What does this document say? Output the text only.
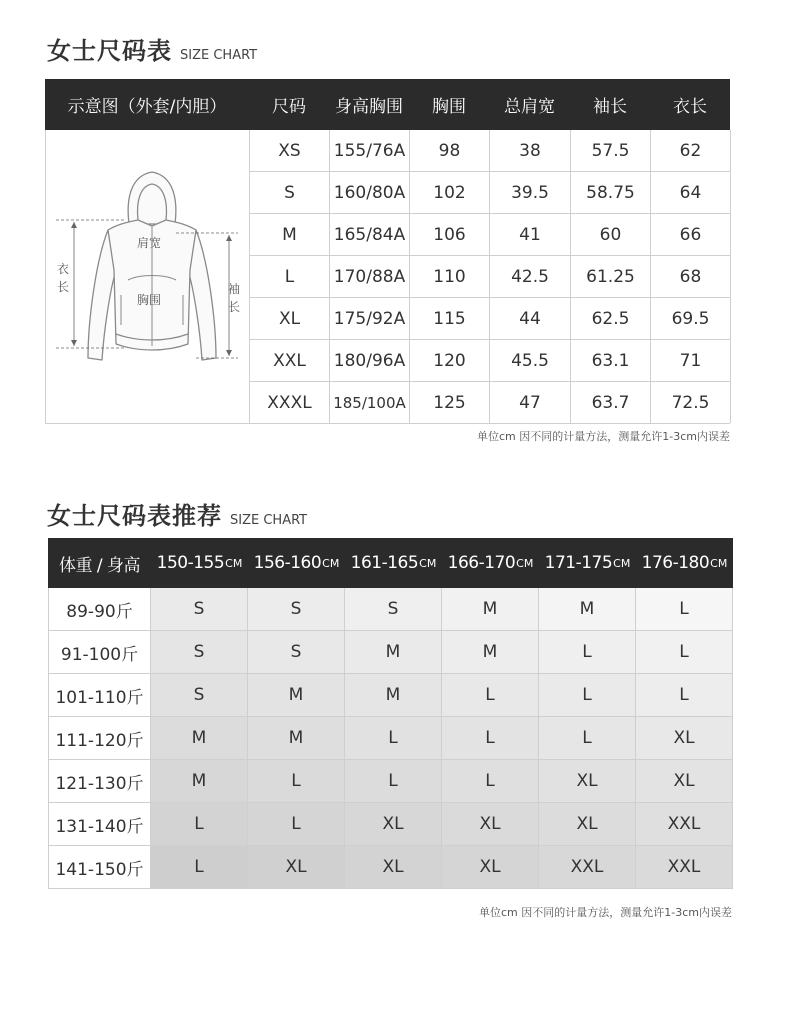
女士尺码表 SIZE CHART
示意图（外套/内胆）	尺码	身高胸围	胸围	总肩宽	袖长	衣长
肩宽
胸围
衣长	袖长
XS	155/76A	98	38	57.5	62
S	160/80A	102	39.5	58.75	64
M	165/84A	106	41	60	66
L	170/88A	110	42.5	61.25	68
XL	175/92A	115	44	62.5	69.5
XXL	180/96A	120	45.5	63.1	71
XXXL	185/100A	125	47	63.7	72.5
单位cm 因不同的计量方法，测量允许1-3cm内误差
女士尺码表推荐 SIZE CHART
体重 / 身高 150-155 CM 156-160 CM 161-165 CM 166-170 CM 171-175 CM 176-180 CM
89-90斤	S	S	S	M	M	L
91-100斤	S	S	M	M	L	L
101-110斤	S	M	M	L	L	L
111-120斤	M	M	L	L	L	XL
121-130斤	M	L	L	L	XL	XL
131-140斤	L	L	XL	XL	XL	XXL
141-150斤	L	XL	XL	XL	XXL	XXL
单位cm 因不同的计量方法，测量允许1-3cm内误差
